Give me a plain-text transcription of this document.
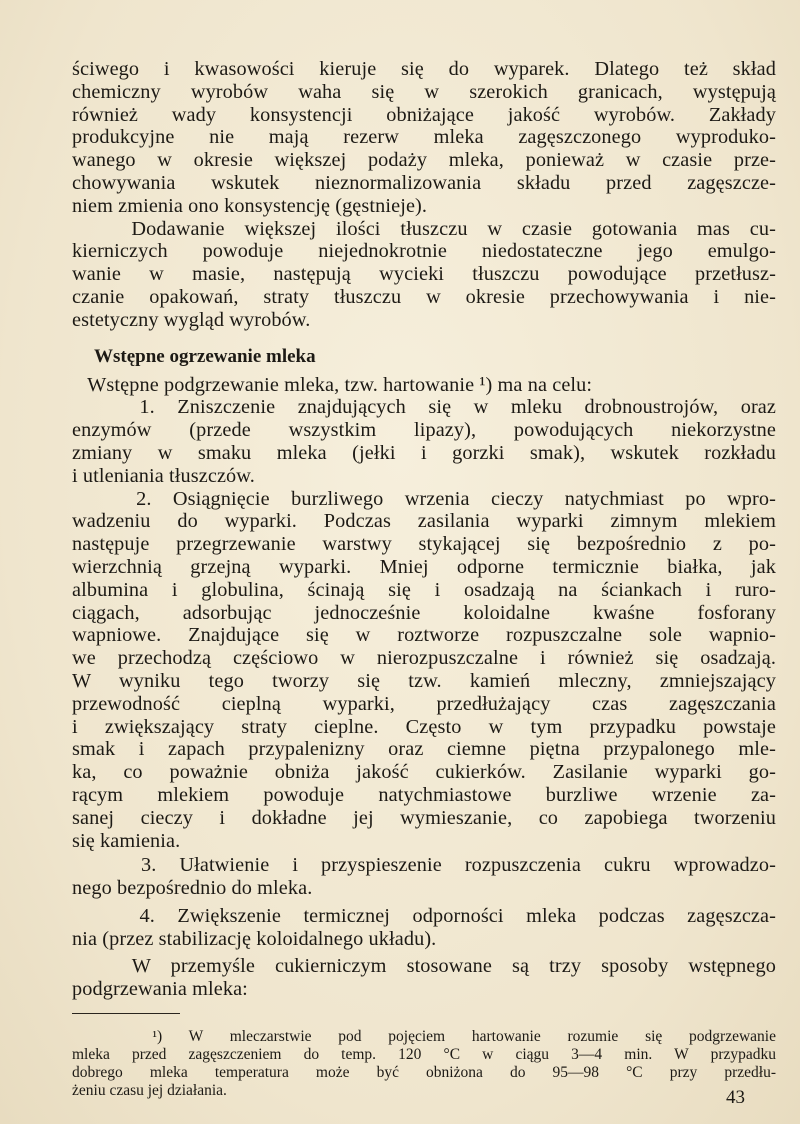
ściwego i kwasowości kieruje się do wyparek. Dlatego też skład
chemiczny wyrobów waha się w szerokich granicach, występują
również wady konsystencji obniżające jakość wyrobów. Zakłady
produkcyjne nie mają rezerw mleka zagęszczonego wyproduko-
wanego w okresie większej podaży mleka, ponieważ w czasie prze-
chowywania wskutek nieznormalizowania składu przed zagęszcze-
niem zmienia ono konsystencję (gęstnieje).
Dodawanie większej ilości tłuszczu w czasie gotowania mas cu-
kierniczych powoduje niejednokrotnie niedostateczne jego emulgo-
wanie w masie, następują wycieki tłuszczu powodujące przetłusz-
czanie opakowań, straty tłuszczu w okresie przechowywania i nie-
estetyczny wygląd wyrobów.
Wstępne ogrzewanie mleka
Wstępne podgrzewanie mleka, tzw. hartowanie ¹) ma na celu:
1. Zniszczenie znajdujących się w mleku drobnoustrojów, oraz
enzymów (przede wszystkim lipazy), powodujących niekorzystne
zmiany w smaku mleka (jełki i gorzki smak), wskutek rozkładu
i utleniania tłuszczów.
2. Osiągnięcie burzliwego wrzenia cieczy natychmiast po wpro-
wadzeniu do wyparki. Podczas zasilania wyparki zimnym mlekiem
następuje przegrzewanie warstwy stykającej się bezpośrednio z po-
wierzchnią grzejną wyparki. Mniej odporne termicznie białka, jak
albumina i globulina, ścinają się i osadzają na ściankach i ruro-
ciągach, adsorbując jednocześnie koloidalne kwaśne fosforany
wapniowe. Znajdujące się w roztworze rozpuszczalne sole wapnio-
we przechodzą częściowo w nierozpuszczalne i również się osadzają.
W wyniku tego tworzy się tzw. kamień mleczny, zmniejszający
przewodność cieplną wyparki, przedłużający czas zagęszczania
i zwiększający straty cieplne. Często w tym przypadku powstaje
smak i zapach przypalenizny oraz ciemne piętna przypalonego mle-
ka, co poważnie obniża jakość cukierków. Zasilanie wyparki go-
rącym mlekiem powoduje natychmiastowe burzliwe wrzenie za-
sanej cieczy i dokładne jej wymieszanie, co zapobiega tworzeniu
się kamienia.
3. Ułatwienie i przyspieszenie rozpuszczenia cukru wprowadzo-
nego bezpośrednio do mleka.
4. Zwiększenie termicznej odporności mleka podczas zagęszcza-
nia (przez stabilizację koloidalnego układu).
W przemyśle cukierniczym stosowane są trzy sposoby wstępnego
podgrzewania mleka:
¹) W mleczarstwie pod pojęciem hartowanie rozumie się podgrzewanie
mleka przed zagęszczeniem do temp. 120 °C w ciągu 3—4 min. W przypadku
dobrego mleka temperatura może być obniżona do 95—98 °C przy przedłu-
żeniu czasu jej działania.	43
